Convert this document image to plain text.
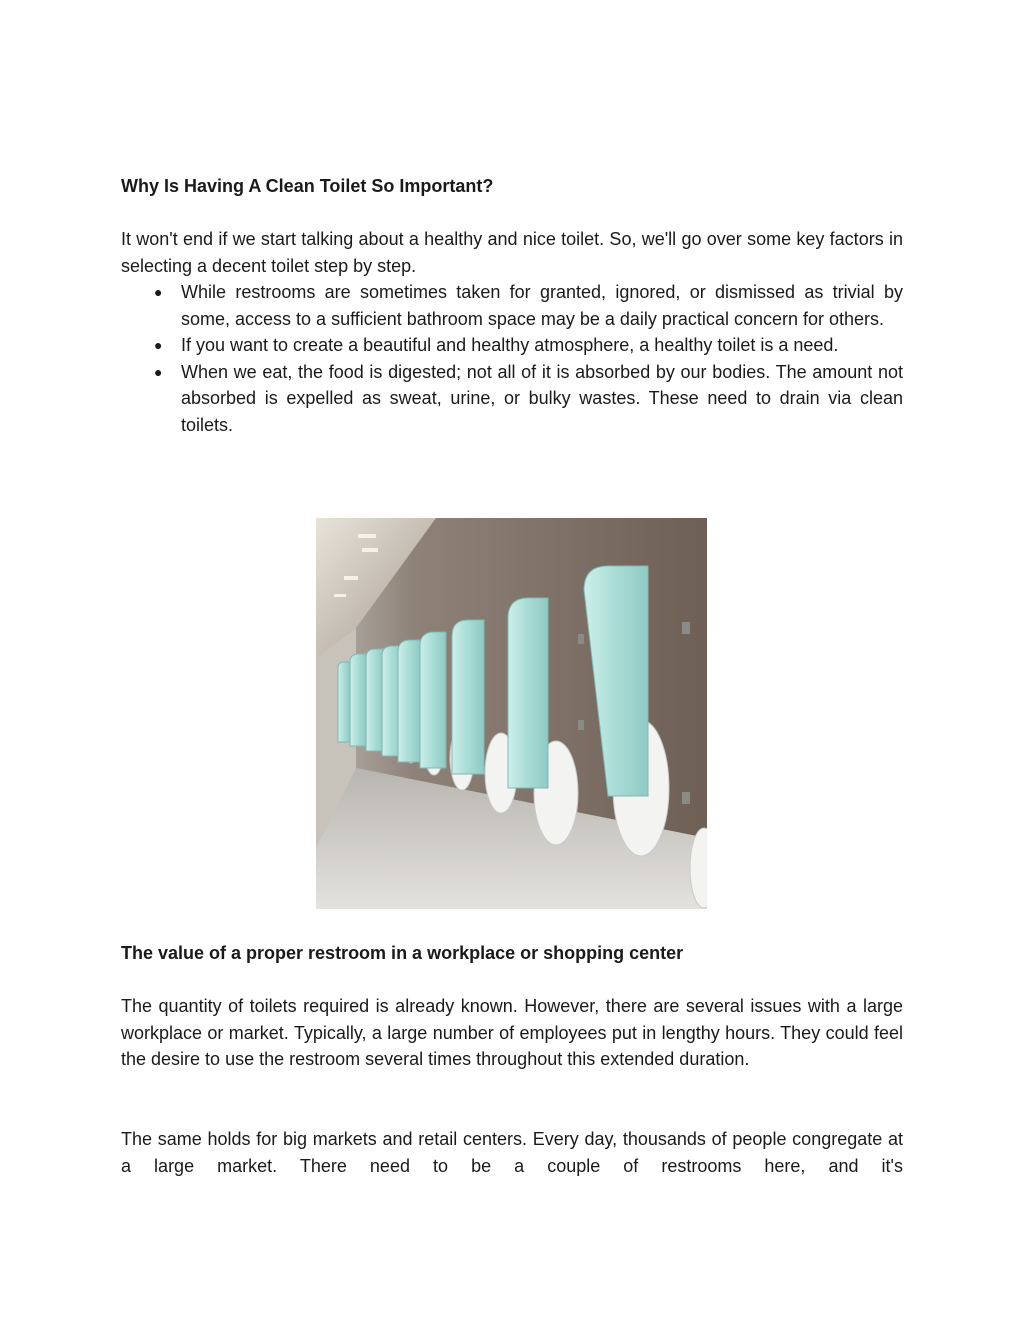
Why Is Having A Clean Toilet So Important?

It won't end if we start talking about a healthy and nice toilet. So, we'll go over some key factors in selecting a decent toilet step by step.

● While restrooms are sometimes taken for granted, ignored, or dismissed as trivial by some, access to a sufficient bathroom space may be a daily practical concern for others.
● If you want to create a beautiful and healthy atmosphere, a healthy toilet is a need.
● When we eat, the food is digested; not all of it is absorbed by our bodies. The amount not absorbed is expelled as sweat, urine, or bulky wastes. These need to drain via clean toilets.
The value of a proper restroom in a workplace or shopping center

The quantity of toilets required is already known. However, there are several issues with a large workplace or market. Typically, a large number of employees put in lengthy hours. They could feel the desire to use the restroom several times throughout this extended duration.

The same holds for big markets and retail centers. Every day, thousands of people congregate at a large market. There need to be a couple of restrooms here, and it's
